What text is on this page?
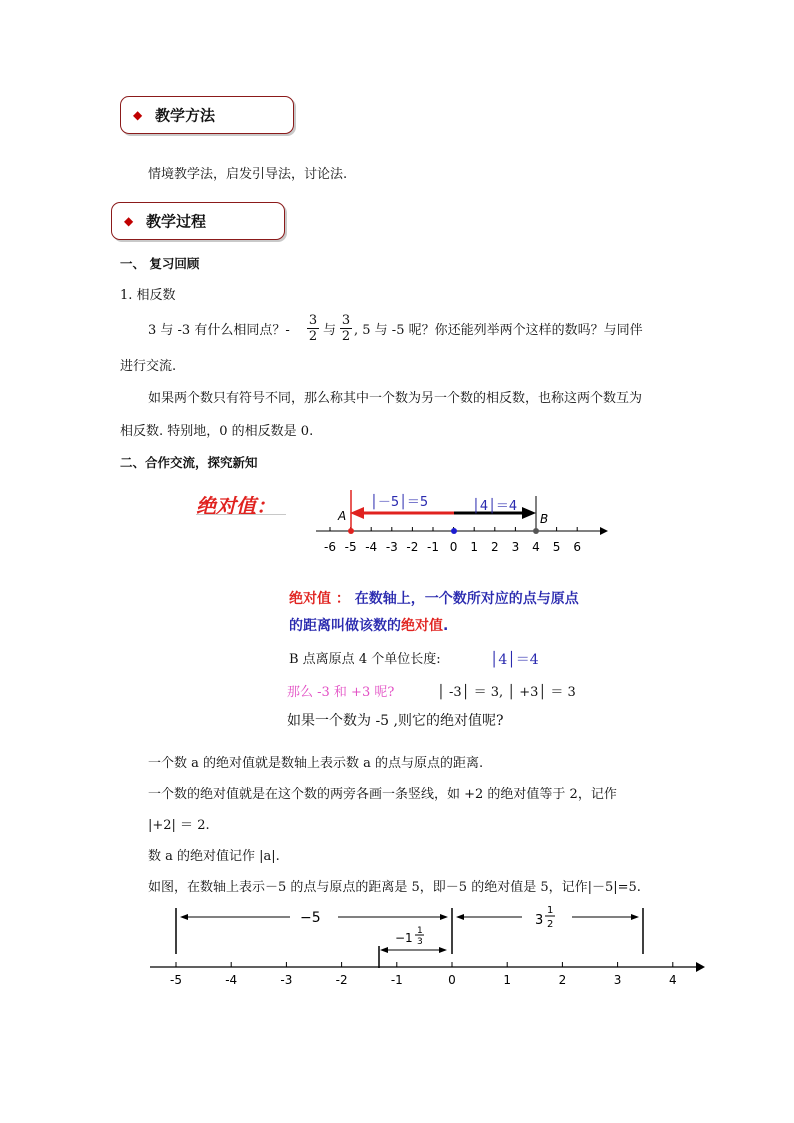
◆ 教学方法
情境教学法，启发引导法，讨论法.
◆ 教学过程
一、 复习回顾
1. 相反数
3 与 -3 有什么相同点？- $\frac{3}{2}$ 与 $\frac{3}{2}$ , 5 与 -5 呢？你还能列举两个这样的数吗？与同伴
进行交流.
如果两个数只有符号不同，那么称其中一个数为另一个数的相反数，也称这两个数互为
相反数. 特别地，0 的相反数是 0.
二、合作交流，探究新知
绝对值：
-6 -5 -4 -3 -2 -1 0 1 2 3 4 5 6
A	B
│－5│＝5	│4│＝4
绝对值 ： 在数轴上，一个数所对应的点与原点
的距离叫做该数的绝对值.
B 点离原点 4 个单位长度:	│4│＝4
那么 -3 和 +3 呢?	│ -3│ ＝ 3, │ +3│ ＝ 3
如果一个数为 -5 ,则它的绝对值呢?
一个数 a 的绝对值就是数轴上表示数 a 的点与原点的距离.
一个数的绝对值就是在这个数的两旁各画一条竖线，如 +2 的绝对值等于 2，记作
|+2| ＝ 2.
数 a 的绝对值记作 |a|.
如图，在数轴上表示－5 的点与原点的距离是 5，即－5 的绝对值是 5，记作|－5|=5.
-5	-4	-3	-2	-1	0	1	2	3	4
−5	3
1
2
−1 1
3
